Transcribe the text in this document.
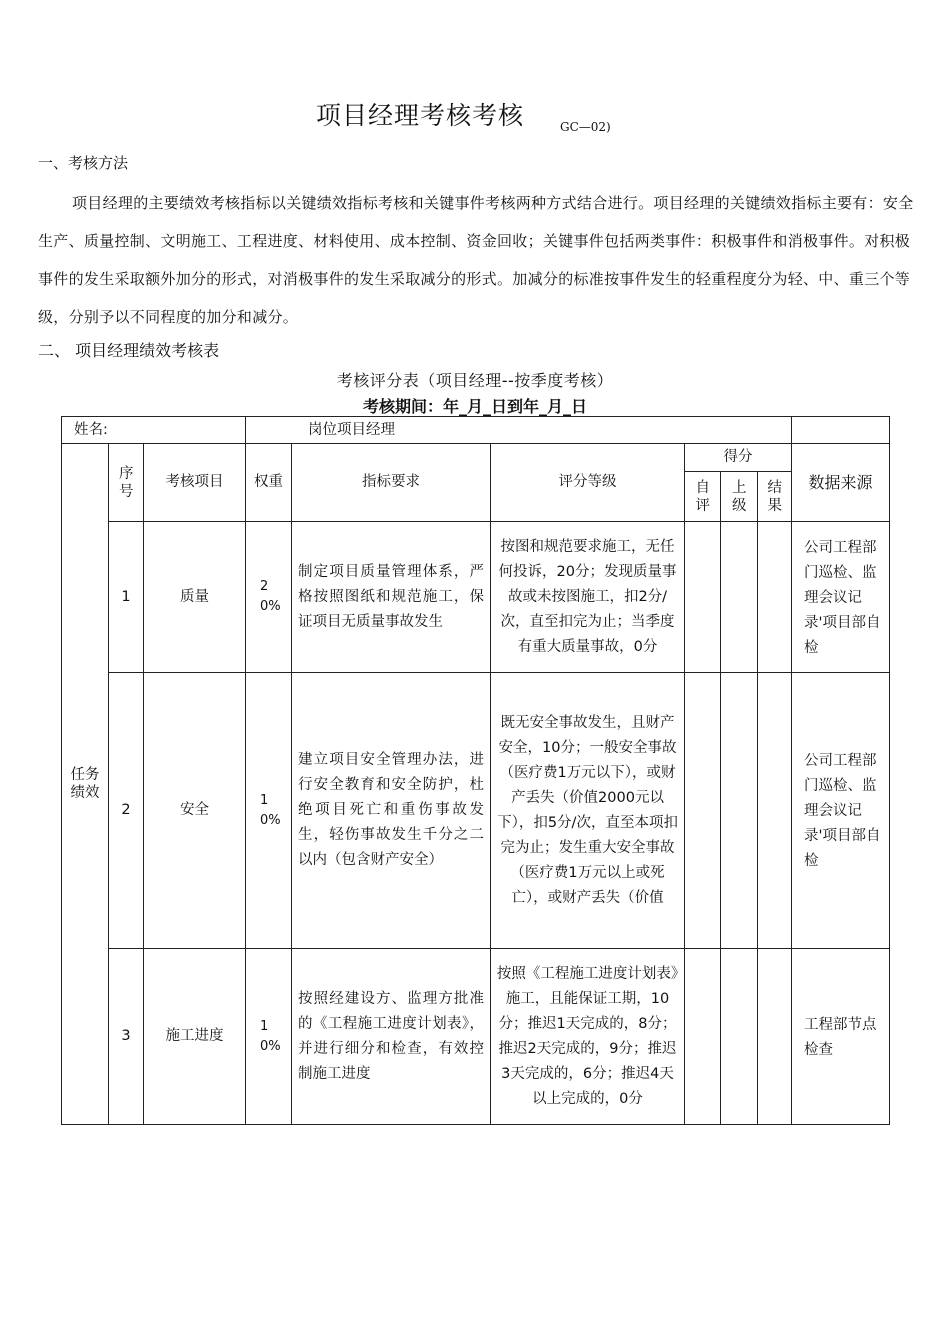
项目经理考核考核	GC—02)
一、考核方法
项目经理的主要绩效考核指标以关键绩效指标考核和关键事件考核两种方式结合进行。项目经理的关键绩效指标主要有：安全生产、质量控制、文明施工、工程进度、材料使用、成本控制、资金回收；关键事件包括两类事件：积极事件和消极事件。对积极事件的发生采取额外加分的形式，对消极事件的发生采取减分的形式。加减分的标准按事件发生的轻重程度分为轻、中、重三个等级，分别予以不同程度的加分和减分。
二、 项目经理绩效考核表
考核评分表（项目经理--按季度考核）
考核期间：年_月_日到年_月_日
姓名:			岗位项目经理						

任务绩效	序号	考核项目	权重	指标要求	评分等级	得分			数据来源

						自评	上级	结果	

	1	质量	20%	制定项目质量管理体系，严格按照图纸和规范施工，保证项目无质量事故发生	按图和规范要求施工，无任何投诉，20分；发现质量事故或未按图施工，扣2分/次，直至扣完为止；当季度有重大质量事故，0分				公司工程部门巡检、监理会议记录'项目部自检
	2	安全	10%	建立项目安全管理办法，进行安全教育和安全防护，杜绝项目死亡和重伤事故发生，轻伤事故发生千分之二以内（包含财产安全）	既无安全事故发生，且财产安全，10分；一般安全事故（医疗费1万元以下），或财产丢失（价值2000元以下），扣5分/次，直至本项扣完为止；发生重大安全事故（医疗费1万元以上或死亡），或财产丢失（价值				公司工程部门巡检、监理会议记录'项目部自检
	3	施工进度	10%	按照经建设方、监理方批准的《工程施工进度计划表》，并进行细分和检查，有效控制施工进度	按照《工程施工进度计划表》施工，且能保证工期，10分；推迟1天完成的，8分；推迟2天完成的，9分；推迟3天完成的，6分；推迟4天以上完成的，0分				工程部节点检查
